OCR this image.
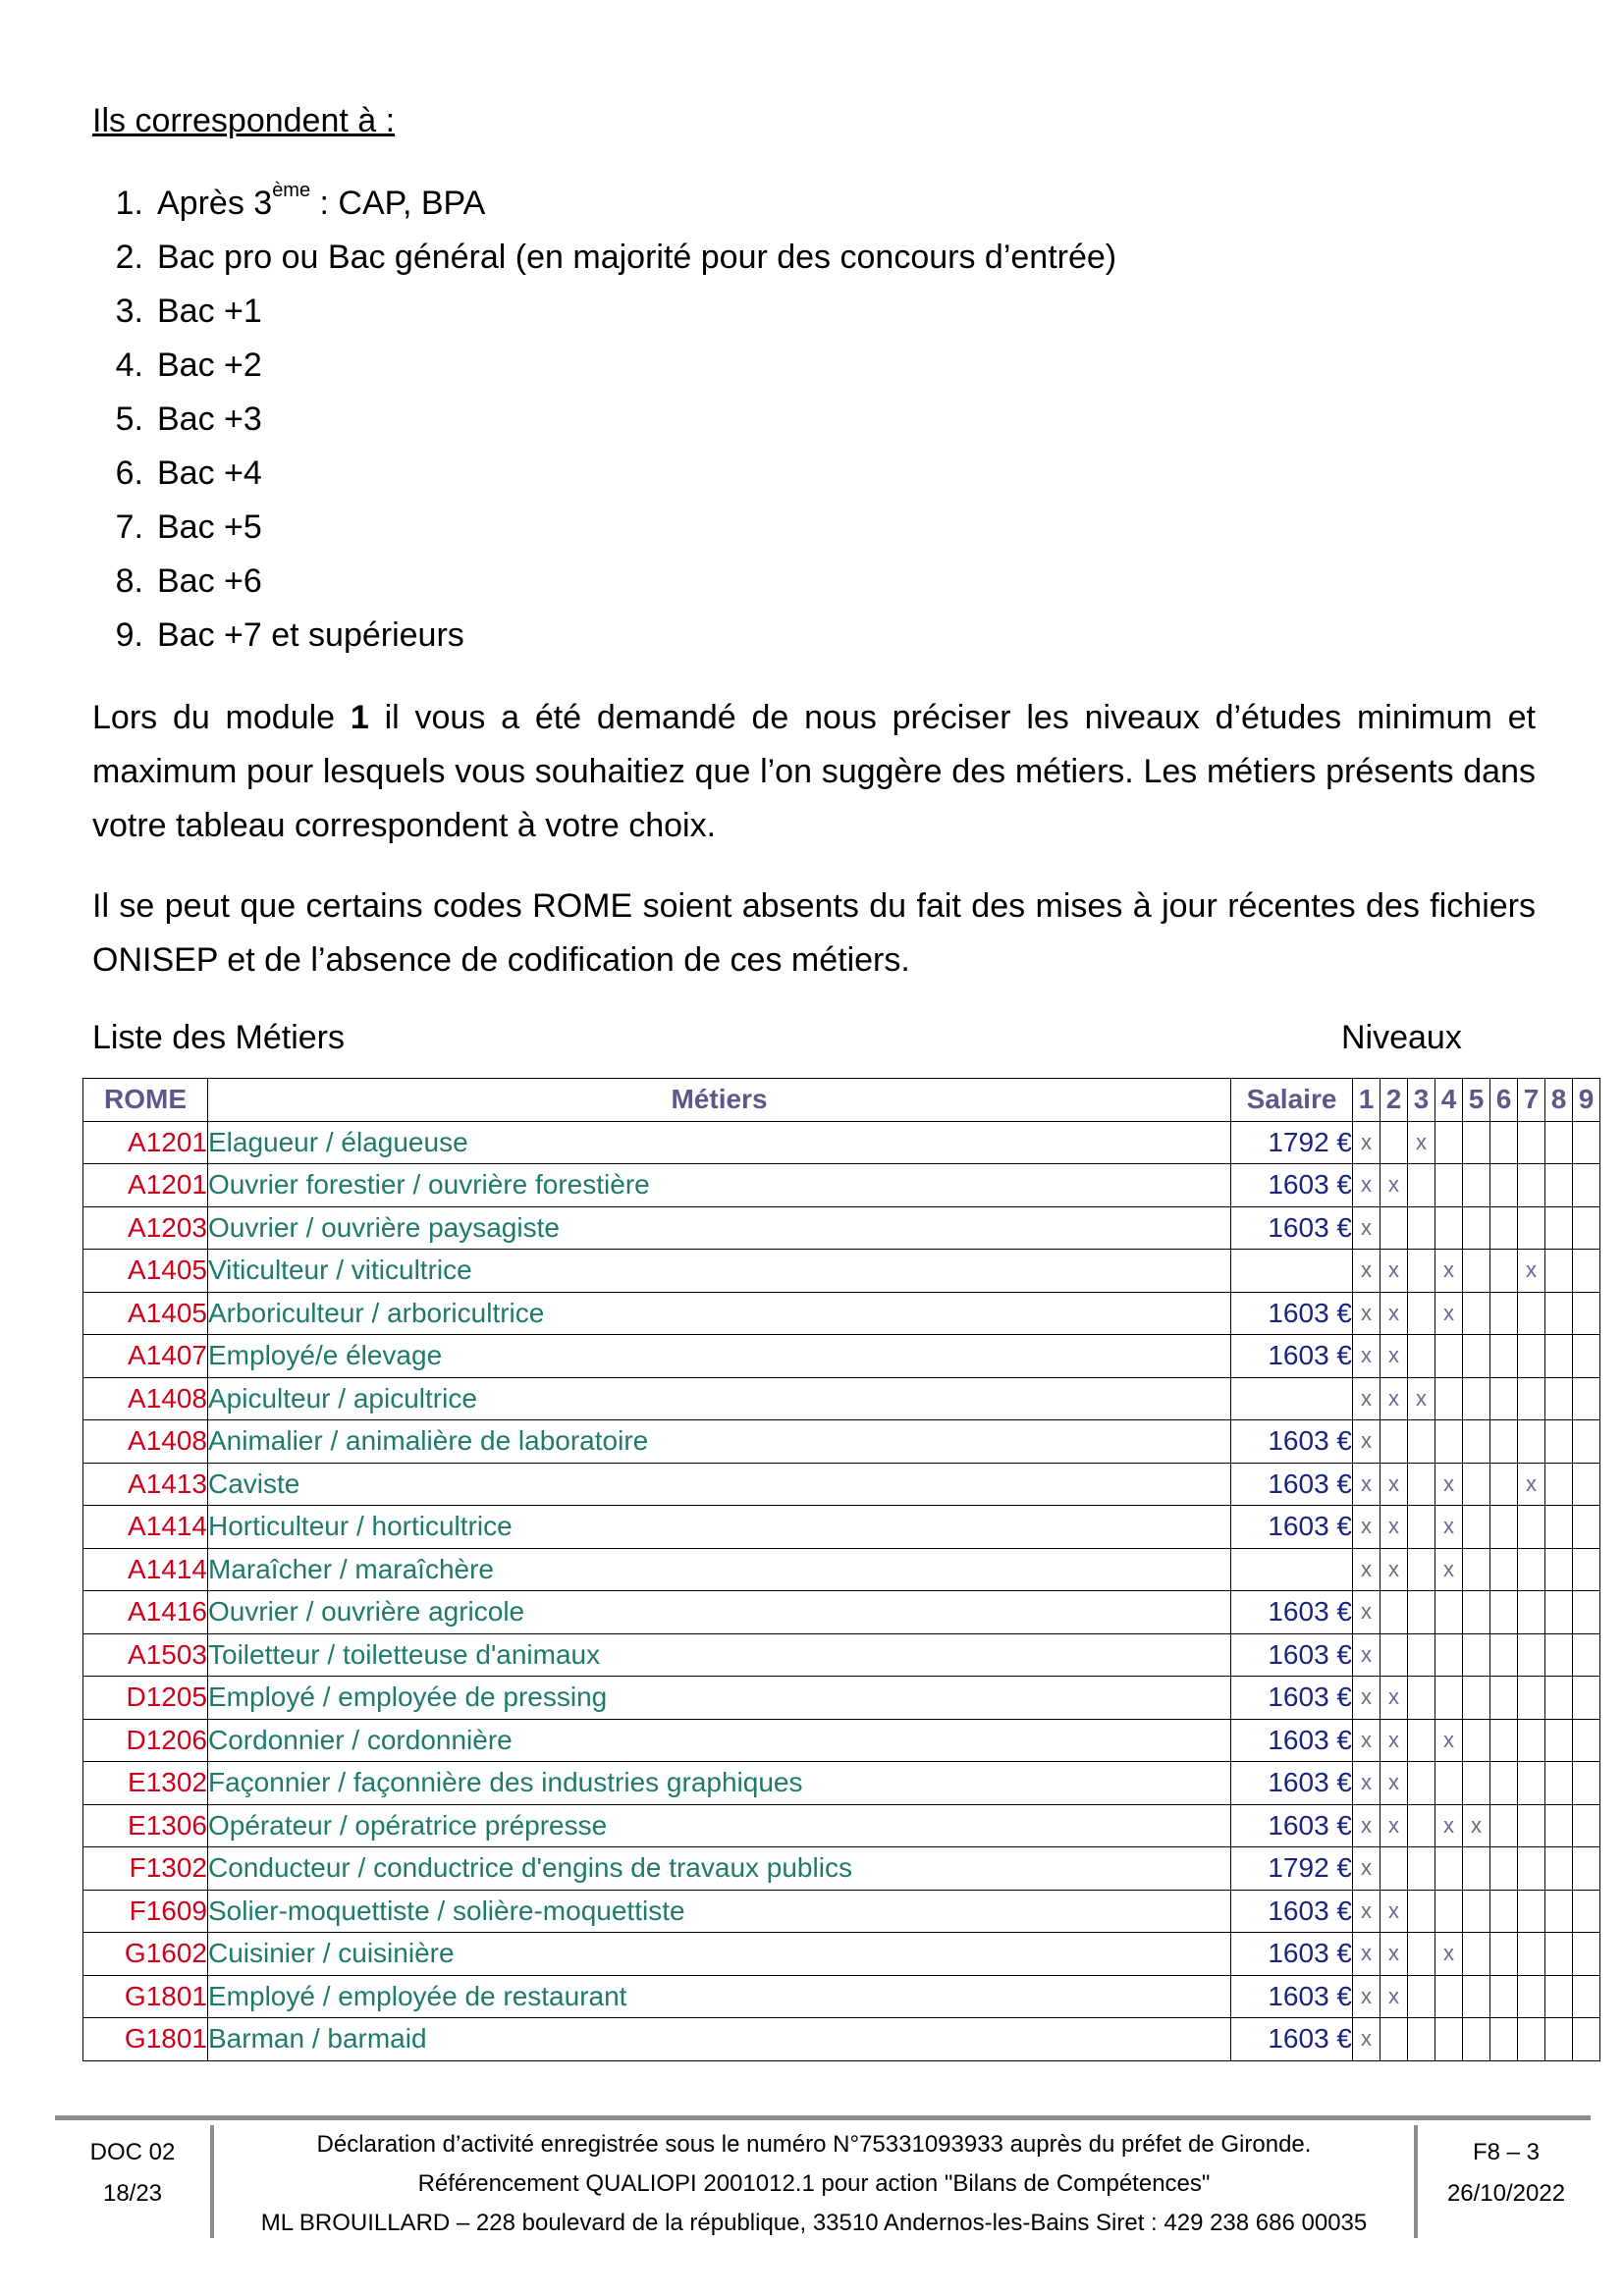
Ils correspondent à :
1. Après 3ème : CAP, BPA
2. Bac pro ou Bac général (en majorité pour des concours d’entrée)
3. Bac +1
4. Bac +2
5. Bac +3
6. Bac +4
7. Bac +5
8. Bac +6
9. Bac +7 et supérieurs

Lors du module 1 il vous a été demandé de nous préciser les niveaux d’études minimum et maximum pour lesquels vous souhaitiez que l’on suggère des métiers. Les métiers présents dans votre tableau correspondent à votre choix.

Il se peut que certains codes ROME soient absents du fait des mises à jour récentes des fichiers ONISEP et de l’absence de codification de ces métiers.

Liste des Métiers	Niveaux
ROME	Métiers	Salaire	1	2	3	4	5	6	7	8	9
A1201	Elagueur / élagueuse	1792 €	x		x						
A1201	Ouvrier forestier / ouvrière forestière	1603 €	x	x							
A1203	Ouvrier / ouvrière paysagiste	1603 €	x								
A1405	Viticulteur / viticultrice		x	x		x			x		
A1405	Arboriculteur / arboricultrice	1603 €	x	x		x					
A1407	Employé/e élevage	1603 €	x	x							
A1408	Apiculteur / apicultrice		x	x	x						
A1408	Animalier / animalière de laboratoire	1603 €	x								
A1413	Caviste	1603 €	x	x		x			x		
A1414	Horticulteur / horticultrice	1603 €	x	x		x					
A1414	Maraîcher / maraîchère		x	x		x					
A1416	Ouvrier / ouvrière agricole	1603 €	x								
A1503	Toiletteur / toiletteuse d'animaux	1603 €	x								
D1205	Employé / employée de pressing	1603 €	x	x							
D1206	Cordonnier / cordonnière	1603 €	x	x		x					
E1302	Façonnier / façonnière des industries graphiques	1603 €	x	x							
E1306	Opérateur / opératrice prépresse	1603 €	x	x		x	x				
F1302	Conducteur / conductrice d'engins de travaux publics	1792 €	x								
F1609	Solier-moquettiste / solière-moquettiste	1603 €	x	x							
G1602	Cuisinier / cuisinière	1603 €	x	x		x					
G1801	Employé / employée de restaurant	1603 €	x	x							
G1801	Barman / barmaid	1603 €	x								
DOC 02
18/23
Déclaration d’activité enregistrée sous le numéro N°75331093933 auprès du préfet de Gironde.
Référencement QUALIOPI 2001012.1 pour action "Bilans de Compétences"
ML BROUILLARD – 228 boulevard de la république, 33510 Andernos-les-Bains Siret : 429 238 686 00035
F8 – 3
26/10/2022
